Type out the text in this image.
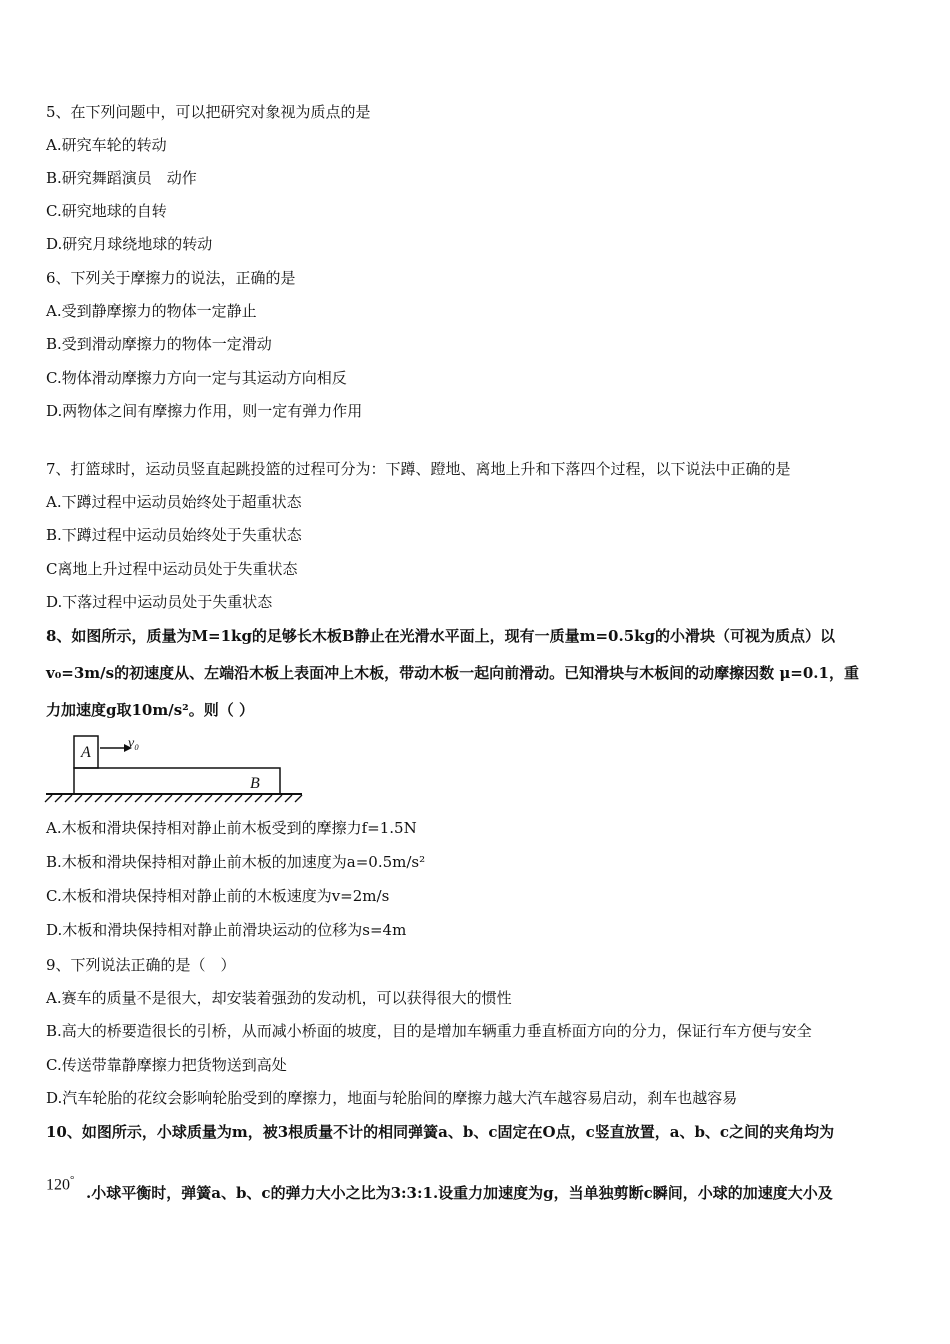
5、在下列问题中，可以把研究对象视为质点的是
A.研究车轮的转动
B.研究舞蹈演员　动作
C.研究地球的自转
D.研究月球绕地球的转动
6、下列关于摩擦力的说法，正确的是
A.受到静摩擦力的物体一定静止
B.受到滑动摩擦力的物体一定滑动
C.物体滑动摩擦力方向一定与其运动方向相反
D.两物体之间有摩擦力作用，则一定有弹力作用
7、打篮球时，运动员竖直起跳投篮的过程可分为：下蹲、蹬地、离地上升和下落四个过程，以下说法中正确的是
A.下蹲过程中运动员始终处于超重状态
B.下蹲过程中运动员始终处于失重状态
C离地上升过程中运动员处于失重状态
D.下落过程中运动员处于失重状态
8、如图所示，质量为M=1kg的足够长木板B静止在光滑水平面上，现有一质量m=0.5kg的小滑块（可视为质点）以
v₀=3m/s的初速度从、左端沿木板上表面冲上木板，带动木板一起向前滑动。已知滑块与木板间的动摩擦因数 μ=0.1，重
力加速度g取10m/s²。则（ ）
A
B
v₀
A.木板和滑块保持相对静止前木板受到的摩擦力f=1.5N
B.木板和滑块保持相对静止前木板的加速度为a=0.5m/s²
C.木板和滑块保持相对静止前的木板速度为v=2m/s
D.木板和滑块保持相对静止前滑块运动的位移为s=4m
9、下列说法正确的是（　）
A.赛车的质量不是很大，却安装着强劲的发动机，可以获得很大的惯性
B.高大的桥要造很长的引桥，从而减小桥面的坡度，目的是增加车辆重力垂直桥面方向的分力，保证行车方便与安全
C.传送带靠静摩擦力把货物送到高处
D.汽车轮胎的花纹会影响轮胎受到的摩擦力，地面与轮胎间的摩擦力越大汽车越容易启动，刹车也越容易
10、如图所示，小球质量为m，被3根质量不计的相同弹簧a、b、c固定在O点，c竖直放置，a、b、c之间的夹角均为
120°
.小球平衡时，弹簧a、b、c的弹力大小之比为3:3:1.设重力加速度为g，当单独剪断c瞬间，小球的加速度大小及
